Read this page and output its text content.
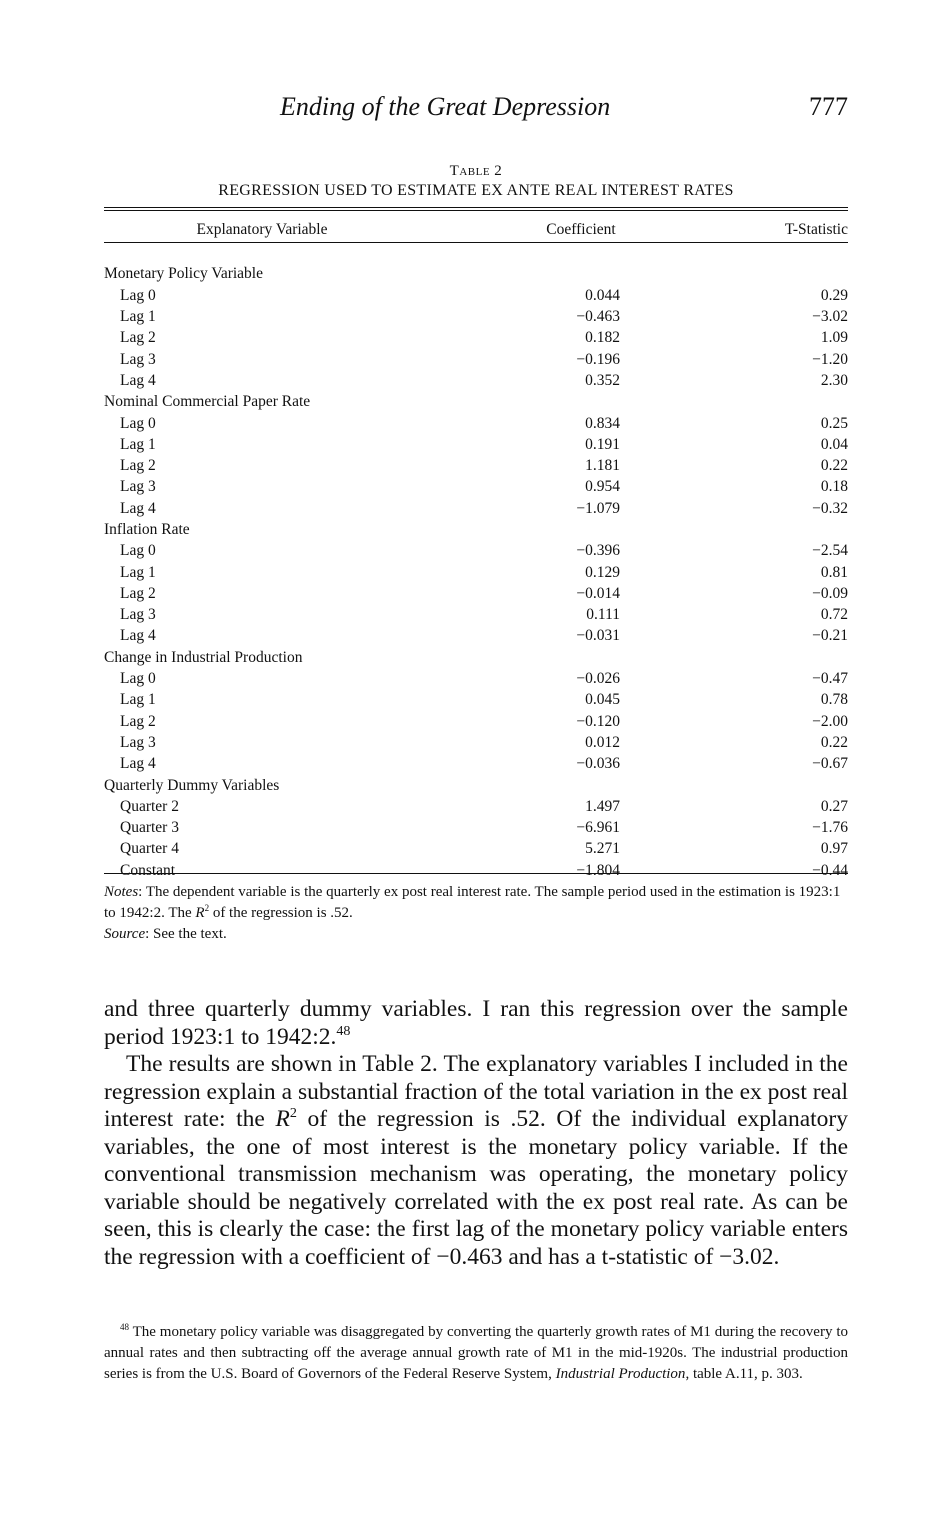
Ending of the Great Depression	777
Table 2
REGRESSION USED TO ESTIMATE EX ANTE REAL INTEREST RATES
Explanatory Variable	Coefficient	T-Statistic

Monetary Policy Variable		
Lag 0	0.044	0.29
Lag 1	−0.463	−3.02
Lag 2	0.182	1.09
Lag 3	−0.196	−1.20
Lag 4	0.352	2.30
Nominal Commercial Paper Rate		
Lag 0	0.834	0.25
Lag 1	0.191	0.04
Lag 2	1.181	0.22
Lag 3	0.954	0.18
Lag 4	−1.079	−0.32
Inflation Rate		
Lag 0	−0.396	−2.54
Lag 1	0.129	0.81
Lag 2	−0.014	−0.09
Lag 3	0.111	0.72
Lag 4	−0.031	−0.21
Change in Industrial Production		
Lag 0	−0.026	−0.47
Lag 1	0.045	0.78
Lag 2	−0.120	−2.00
Lag 3	0.012	0.22
Lag 4	−0.036	−0.67
Quarterly Dummy Variables		
Quarter 2	1.497	0.27
Quarter 3	−6.961	−1.76
Quarter 4	5.271	0.97
Constant	−1.804	−0.44
Notes: The dependent variable is the quarterly ex post real interest rate. The sample period used in the estimation is 1923:1 to 1942:2. The $R^2$ of the regression is .52.
Source: See the text.

and three quarterly dummy variables. I ran this regression over the sample period 1923:1 to 1942:2.48

The results are shown in Table 2. The explanatory variables I included in the regression explain a substantial fraction of the total variation in the ex post real interest rate: the $R^2$ of the regression is .52. Of the individual explanatory variables, the one of most interest is the monetary policy variable. If the conventional transmission mechanism was operating, the monetary policy variable should be negatively correlated with the ex post real rate. As can be seen, this is clearly the case: the first lag of the monetary policy variable enters the regression with a coefficient of −0.463 and has a t-statistic of −3.02.

$^{48}$ The monetary policy variable was disaggregated by converting the quarterly growth rates of M1 during the recovery to annual rates and then subtracting off the average annual growth rate of M1 in the mid-1920s. The industrial production series is from the U.S. Board of Governors of the Federal Reserve System, Industrial Production, table A.11, p. 303.
